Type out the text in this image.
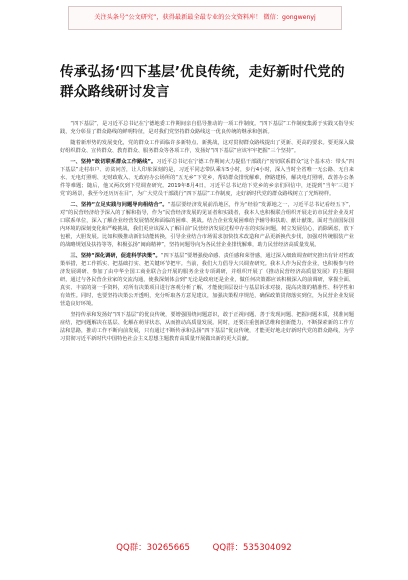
关注头条号“公文研究”，获得最新最全最专业的公文资料库！ 微信：gongwenyj
传承弘扬‘四下基层’优良传统，走好新时代党的群众路线研讨发言

“四下基层”，是习近平总书记在宁德地委工作期间亲自倡导推动的一项工作制度。“四下基层”工作制度集源于实践又指导实践，充分彰显了群众路线的鲜明特征，是对我们党坚持群众路线这一优良传统的继承和创新。

随着新形势的发展变化，党的群众工作面临许多新特点、新挑战，这对贯彻群众路线提出了更新、更高的要求。要更深入做好组织群众、宣传群众、教育群众、服务群众等各项工作，发扬好“四下基层”应该牢牢把握“三个坚持”。

一、坚持“敢切联系群众工作路线”。习近平总书记在宁德工作期间大力提倡干部践行“密切联系群众”这个基本功：带头“四下基层”走村串户、访贫问苦，让人印象深刻的是，习近平同志带队乘车5小时，步行4小时，深入当时全省唯一无公路、无自来水、无电灯照明、无财政收入、无政府办公场所的“五无乡”下党乡，帮助群众排忧解难，修路建桥，解决电灯照明，改善办公条件等难题；随后，他又两次到下党调查研究。2019年8月4日，习近平总书记给下党乡的乡亲们回信中，还提到“当年‘三进下党’的场景，我至今还历历在目”，为广大党员干部践行“四下基层”工作制度，走好新时代党的群众路线树立了光辉榜样。

二、坚持“立足实践与问题导向相结合”。“基层要经济发展前沿地区，作为“经验”发源地之一，习近平总书记看经五下”，对“的民营经济给予深入的了解和指导，作为“民营经济发展的见证者和实践者，我本人也积极联合组织开展走访市民营企业及对口联系单位，深入了解企业经营发展情况和面临的困难、挑战。结合企业发展困难给予辅导和扶助、献计献策。面对当前国际国内环境的深刻变化和严峻挑战，我们更应该深入了解目前“民营经济发展过程中存在的实际问题，树立发展信心，消除顾虑，放下包袱，大胆发展。比如积极推动新旧动能转换，引导企业结合市场需求加快技术改造和产品更新换代步伐，加强对传统服装产业的战略规划及扶持等等，积极弘扬“闽商精神”，坚持问题导向为各民营企业排忧解难，助力民营经济高质量发展。

三、坚持“深化调研，促进科学决策”。“四下基层”要增强使命感、责任感和荣誉感，通过深入细致调查研究推出有针对性政策举措，把工作抓实、把基础打实、把关键环节把牢。当前，我们大力倡导大兴调查研究。我本人作为民营企业，也积极参与经济发展调研、参加了由中华全国工商业联合会开展的服务企业专项调研，并组织开展了《推动民营经济高质量发展》的主题调研，通过与各民营企业家的交流沟通，使我深刻体会到“无论是政府还是企业，做任何决策都应该积极深入的前调研，掌握全面、真实、丰富的第一手资料，对所有决策项目进行客观分析了解，才能使顶层设计与基层诉求对接，提高决策的精准性、科学性和有效性。同时，也要坚持决策公开透明，充分听取各方意见建议，加强决策程序规范，确保政策贯彻落实到位，为民营企业发展营造良好环境。

坚持传承和发扬好“四下基层”的优良传统，要增强围绕问题意识，敢于正视问题、善于发现问题、把握问题本质，找准问题症结，把问题解决在基层、化解在萌芽状态，从而推动高质量发展。同时，还要注重创新思维和创新能力，不断探索新的工作方法和思路，推动工作不断向前发展，只有通过不断传承和弘扬“四下基层”优良传统，才能更好地走好新时代党的群众路线，为学习贯彻习近平新时代中国特色社会主义思想主题教育高质量开展做出新的更大贡献。

QQ群：30265665	QQ群：535304092
